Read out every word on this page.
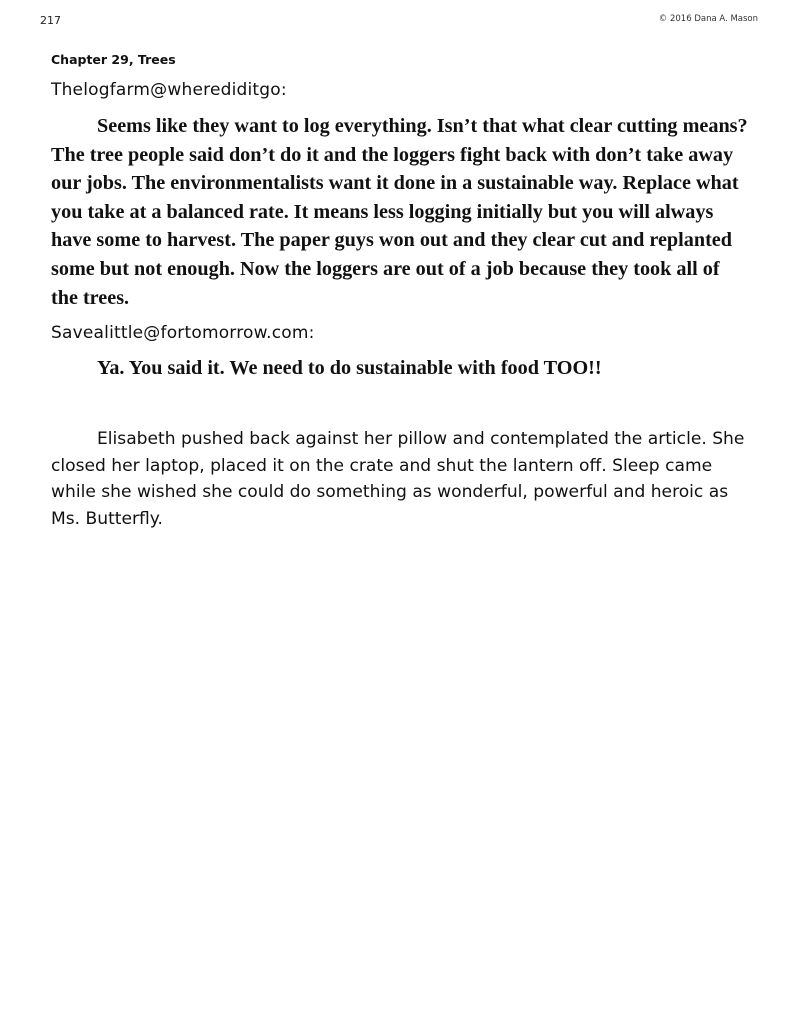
217	© 2016 Dana A. Mason
Chapter 29, Trees
Thelogfarm@wherediditgo:

Seems like they want to log everything. Isn’t that what clear cutting means? The tree people said don’t do it and the loggers fight back with don’t take away our jobs. The environmentalists want it done in a sustainable way. Replace what you take at a balanced rate. It means less logging initially but you will always have some to harvest. The paper guys won out and they clear cut and replanted some but not enough. Now the loggers are out of a job because they took all of the trees.

Savealittle@fortomorrow.com:

Ya. You said it. We need to do sustainable with food TOO!!

Elisabeth pushed back against her pillow and contemplated the article. She closed her laptop, placed it on the crate and shut the lantern off. Sleep came while she wished she could do something as wonderful, powerful and heroic as Ms. Butterfly.
